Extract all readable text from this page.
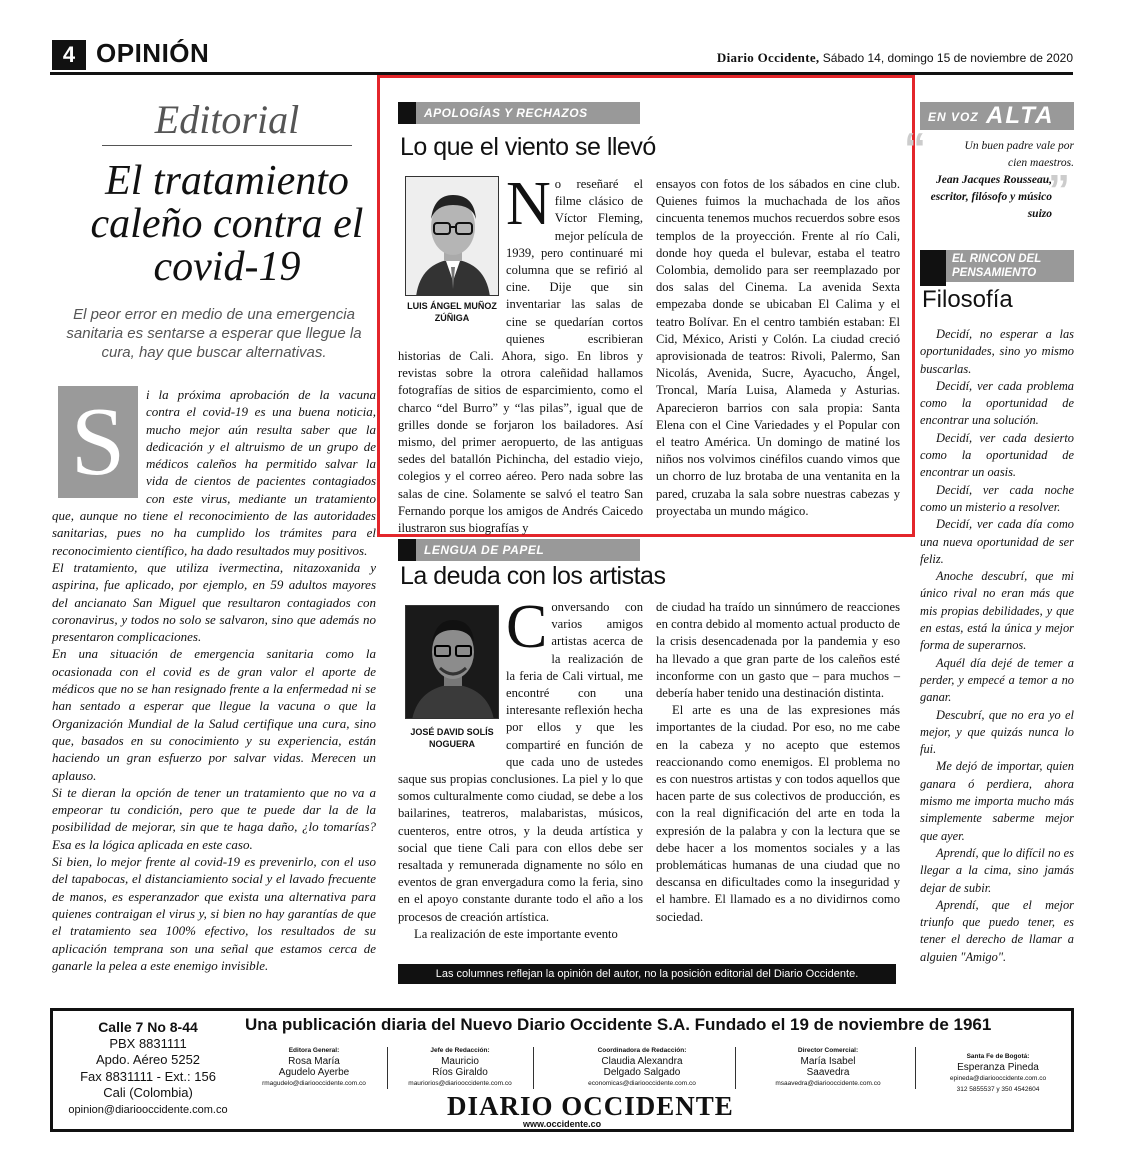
4 OPINIÓN	Diario Occidente, Sábado 14, domingo 15 de noviembre de 2020
Editorial
El tratamiento caleño contra el covid-19
El peor error en medio de una emergencia sanitaria es sentarse a esperar que llegue la cura, hay que buscar alternativas.
S	i la próxima aprobación de la vacuna contra el covid-19 es una buena noticia, mucho mejor aún resulta saber que la dedicación y el altruismo de un grupo de médicos caleños ha permitido salvar la vida de cientos de pacientes contagiados con este virus, mediante un tratamiento que, aunque no tiene el reconocimiento de las autoridades sanitarias, pues no ha cumplido los trámites para el reconocimiento científico, ha dado resultados muy positivos.

El tratamiento, que utiliza ivermectina, nitazoxanida y aspirina, fue aplicado, por ejemplo, en 59 adultos mayores del ancianato San Miguel que resultaron contagiados con coronavirus, y todos no solo se salvaron, sino que además no presentaron complicaciones.

En una situación de emergencia sanitaria como la ocasionada con el covid es de gran valor el aporte de médicos que no se han resignado frente a la enfermedad ni se han sentado a esperar que llegue la vacuna o que la Organización Mundial de la Salud certifique una cura, sino que, basados en su conocimiento y su experiencia, están haciendo un gran esfuerzo por salvar vidas. Merecen un aplauso.

Si te dieran la opción de tener un tratamiento que no va a empeorar tu condición, pero que te puede dar la de la posibilidad de mejorar, sin que te haga daño, ¿lo tomarías? Esa es la lógica aplicada en este caso.

Si bien, lo mejor frente al covid-19 es prevenirlo, con el uso del tapabocas, el distanciamiento social y el lavado frecuente de manos, es esperanzador que exista una alternativa para quienes contraigan el virus y, si bien no hay garantías de que el tratamiento sea 100% efectivo, los resultados de su aplicación temprana son una señal que estamos cerca de ganarle la pelea a este enemigo invisible.

APOLOGÍAS Y RECHAZOS
Lo que el viento se llevó
LUIS ÁNGEL MUÑOZ ZÚÑIGA
No reseñaré el filme clásico de Víctor Fleming, mejor película de 1939, pero continuaré mi columna que se refirió al cine. Dije que sin inventariar las salas de cine se quedarían cortos quienes escribieran historias de Cali. Ahora, sigo. En libros y revistas sobre la otrora caleñidad hallamos fotografías de sitios de esparcimiento, como el charco “del Burro” y “las pilas”, igual que de grilles donde se forjaron los bailadores. Así mismo, del primer aeropuerto, de las antiguas sedes del batallón Pichincha, del estadio viejo, colegios y el correo aéreo. Pero nada sobre las salas de cine. Solamente se salvó el teatro San Fernando porque los amigos de Andrés Caicedo ilustraron sus biografías y
ensayos con fotos de los sábados en cine club. Quienes fuimos la muchachada de los años cincuenta tenemos muchos recuerdos sobre esos templos de la proyección. Frente al río Cali, donde hoy queda el bulevar, estaba el teatro Colombia, demolido para ser reemplazado por dos salas del Cinema. La avenida Sexta empezaba donde se ubicaban El Calima y el teatro Bolívar. En el centro también estaban: El Cid, México, Aristi y Colón. La ciudad creció aprovisionada de teatros: Rivoli, Palermo, San Nicolás, Avenida, Sucre, Ayacucho, Ángel, Troncal, María Luisa, Alameda y Asturias. Aparecieron barrios con sala propia: Santa Elena con el Cine Variedades y el Popular con el teatro América. Un domingo de matiné los niños nos volvimos cinéfilos cuando vimos que un chorro de luz brotaba de una ventanita en la pared, cruzaba la sala sobre nuestras cabezas y proyectaba un mundo mágico.
LENGUA DE PAPEL
La deuda con los artistas
JOSÉ DAVID SOLÍS NOGUERA

Conversando con varios amigos artistas acerca de la realización de la feria de Cali virtual, me encontré con una interesante reflexión hecha por ellos y que les compartiré en función de que cada uno de ustedes saque sus propias conclusiones. La piel y lo que somos culturalmente como ciudad, se debe a los bailarines, teatreros, malabaristas, músicos, cuenteros, entre otros, y la deuda artística y social que tiene Cali para con ellos debe ser resaltada y remunerada dignamente no sólo en eventos de gran envergadura como la feria, sino en el apoyo constante durante todo el año a los procesos de creación artística.

La realización de este importante evento

de ciudad ha traído un sinnúmero de reacciones en contra debido al momento actual producto de la crisis desencadenada por la pandemia y eso ha llevado a que gran parte de los caleños esté inconforme con un gasto que – para muchos – debería haber tenido una destinación distinta.

El arte es una de las expresiones más importantes de la ciudad. Por eso, no me cabe en la cabeza y no acepto que estemos reaccionando como enemigos. El problema no es con nuestros artistas y con todos aquellos que hacen parte de sus colectivos de producción, es con la real dignificación del arte en toda la expresión de la palabra y con la lectura que se debe hacer a los momentos sociales y a las problemáticas humanas de una ciudad que no descansa en dificultades como la inseguridad y el hambre. El llamado es a no dividirnos como sociedad.

Las columnes reflejan la opinión del autor, no la posición editorial del Diario Occidente.
EN VOZ ALTA
“
”
Un buen padre vale por cien maestros.
Jean Jacques Rousseau, escritor, filósofo y músico suizo
EL RINCON DEL PENSAMIENTO
Filosofía

Decidí, no esperar a las oportunidades, sino yo mismo buscarlas.

Decidí, ver cada problema como la oportunidad de encontrar una solución.

Decidí, ver cada desierto como la oportunidad de encontrar un oasis.

Decidí, ver cada noche como un misterio a resolver.

Decidí, ver cada día como una nueva oportunidad de ser feliz.

Anoche descubrí, que mi único rival no eran más que mis propias debilidades, y que en estas, está la única y mejor forma de superarnos.

Aquél día dejé de temer a perder, y empecé a temor a no ganar.

Descubrí, que no era yo el mejor, y que quizás nunca lo fui.

Me dejó de importar, quien ganara ó perdiera, ahora mismo me importa mucho más simplemente saberme mejor que ayer.

Aprendí, que lo difícil no es llegar a la cima, sino jamás dejar de subir.

Aprendí, que el mejor triunfo que puedo tener, es tener el derecho de llamar a alguien "Amigo".

Calle 7 No 8-44
PBX 8831111
Apdo. Aéreo 5252
Fax 8831111 - Ext.: 156
Cali (Colombia)
opinion@diariooccidente.com.co
Una publicación diaria del Nuevo Diario Occidente S.A. Fundado el 19 de noviembre de 1961
Editora General:
Rosa María
Agudelo Ayerbe
rmagudelo@diariooccidente.com.co
Jefe de Redacción:
Mauricio
Ríos Giraldo
mauriorios@diariooccidente.com.co
Coordinadora de Redacción:
Claudia Alexandra
Delgado Salgado
economicas@diariooccidente.com.co
Director Comercial:
María Isabel
Saavedra
msaavedra@diariooccidente.com.co
Santa Fe de Bogotá:
Esperanza Pineda
epineda@diariooccidente.com.co
312 5855537 y 350 4542604
DIARIO OCCIDENTE
www.occidente.co
